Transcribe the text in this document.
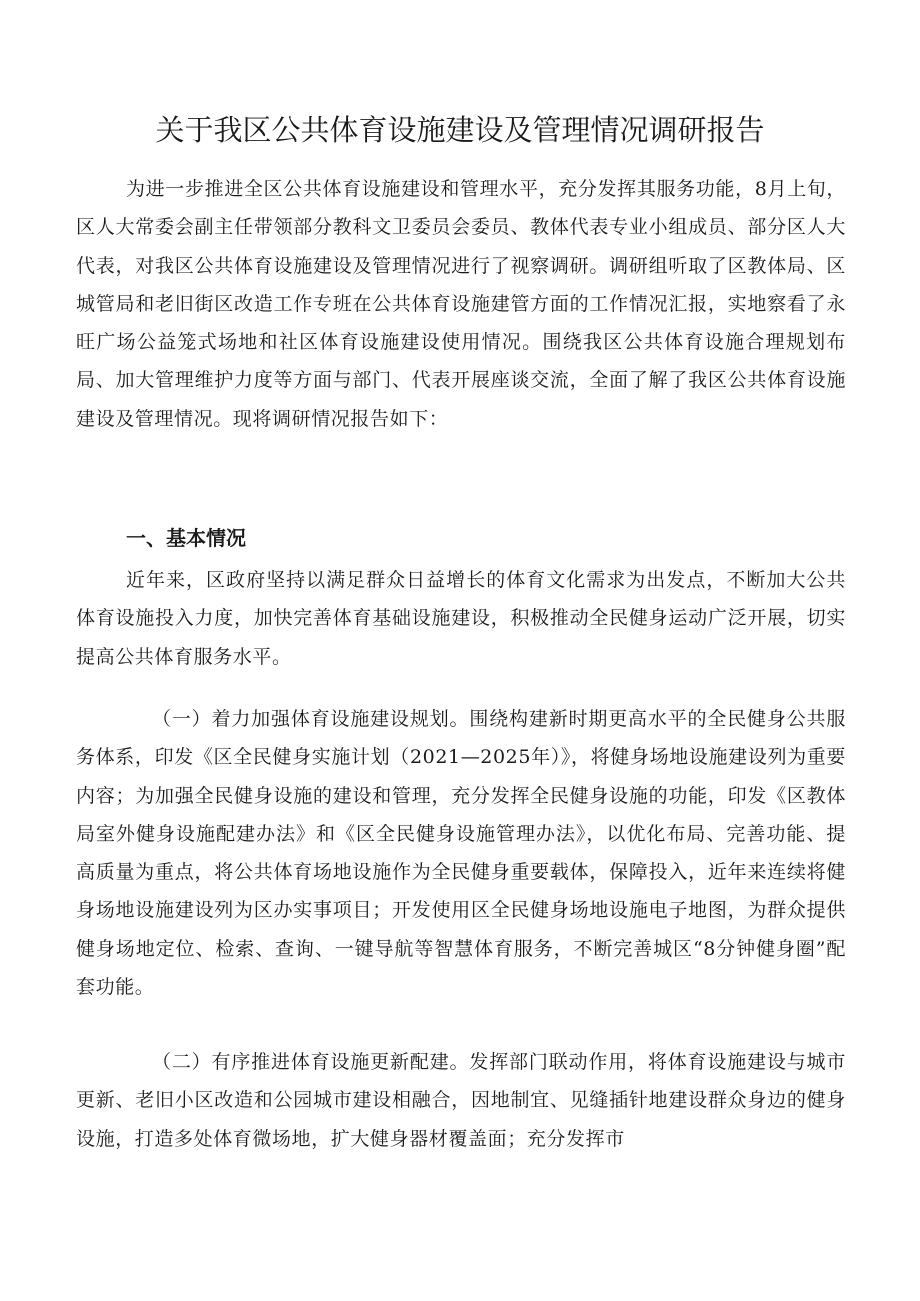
关于我区公共体育设施建设及管理情况调研报告

为进一步推进全区公共体育设施建设和管理水平，充分发挥其服务功能，8月上旬，区人大常委会副主任带领部分教科文卫委员会委员、教体代表专业小组成员、部分区人大代表，对我区公共体育设施建设及管理情况进行了视察调研。调研组听取了区教体局、区城管局和老旧街区改造工作专班在公共体育设施建管方面的工作情况汇报，实地察看了永旺广场公益笼式场地和社区体育设施建设使用情况。围绕我区公共体育设施合理规划布局、加大管理维护力度等方面与部门、代表开展座谈交流，全面了解了我区公共体育设施建设及管理情况。现将调研情况报告如下：

一、基本情况

近年来，区政府坚持以满足群众日益增长的体育文化需求为出发点，不断加大公共体育设施投入力度，加快完善体育基础设施建设，积极推动全民健身运动广泛开展，切实提高公共体育服务水平。

（一）着力加强体育设施建设规划。围绕构建新时期更高水平的全民健身公共服务体系，印发《区全民健身实施计划（2021—2025年）》，将健身场地设施建设列为重要内容；为加强全民健身设施的建设和管理，充分发挥全民健身设施的功能，印发《区教体局室外健身设施配建办法》和《区全民健身设施管理办法》，以优化布局、完善功能、提高质量为重点，将公共体育场地设施作为全民健身重要载体，保障投入，近年来连续将健身场地设施建设列为区办实事项目；开发使用区全民健身场地设施电子地图，为群众提供健身场地定位、检索、查询、一键导航等智慧体育服务，不断完善城区“8分钟健身圈”配套功能。

（二）有序推进体育设施更新配建。发挥部门联动作用，将体育设施建设与城市更新、老旧小区改造和公园城市建设相融合，因地制宜、见缝插针地建设群众身边的健身设施，打造多处体育微场地，扩大健身器材覆盖面；充分发挥市
